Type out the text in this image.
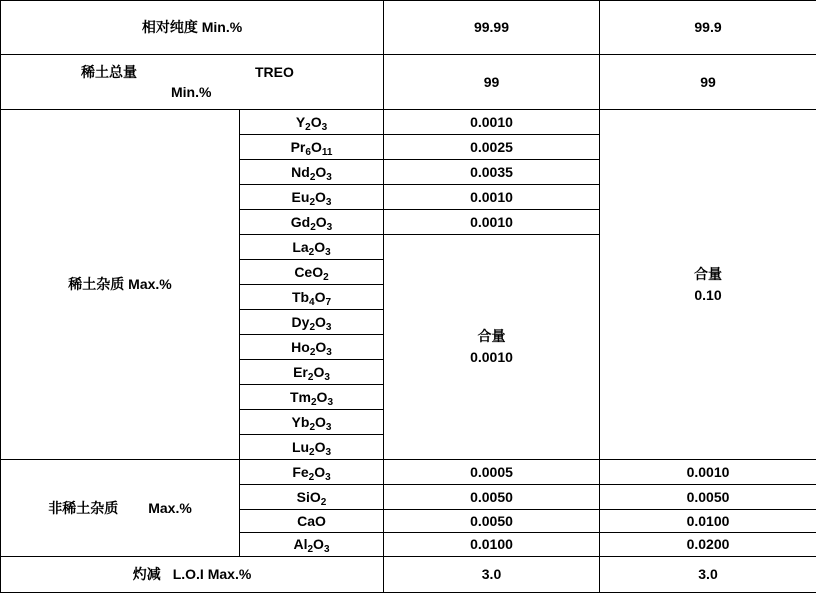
相对纯度 Min.%		99.99	99.9

稀土总量 TREO
Min.%		99	99
稀土杂质 Max.%	$Y_2O_3$	0.0010	合量
0.10

	$Pr_6O_{11}$	0.0025	
	$Nd_2O_3$	0.0035	
	$Eu_2O_3$	0.0010	
	$Gd_2O_3$	0.0010	
	$La_2O_3$	合量
0.0010	

	CeO$_2$
	$Tb_4O_7$
	$Dy_2O_3$
	$Ho_2O_3$
	$Er_2O_3$
	$Tm_2O_3$
	$Yb_2O_3$
	$Lu_2O_3$
非稀土杂质 Max.%	$Fe_2O_3$	0.0005	0.0010
	SiO$_2$	0.0050	0.0050
	CaO	0.0050	0.0100
	$Al_2O_3$	0.0100	0.0200
灼减 L.O.I Max.%		3.0	3.0
